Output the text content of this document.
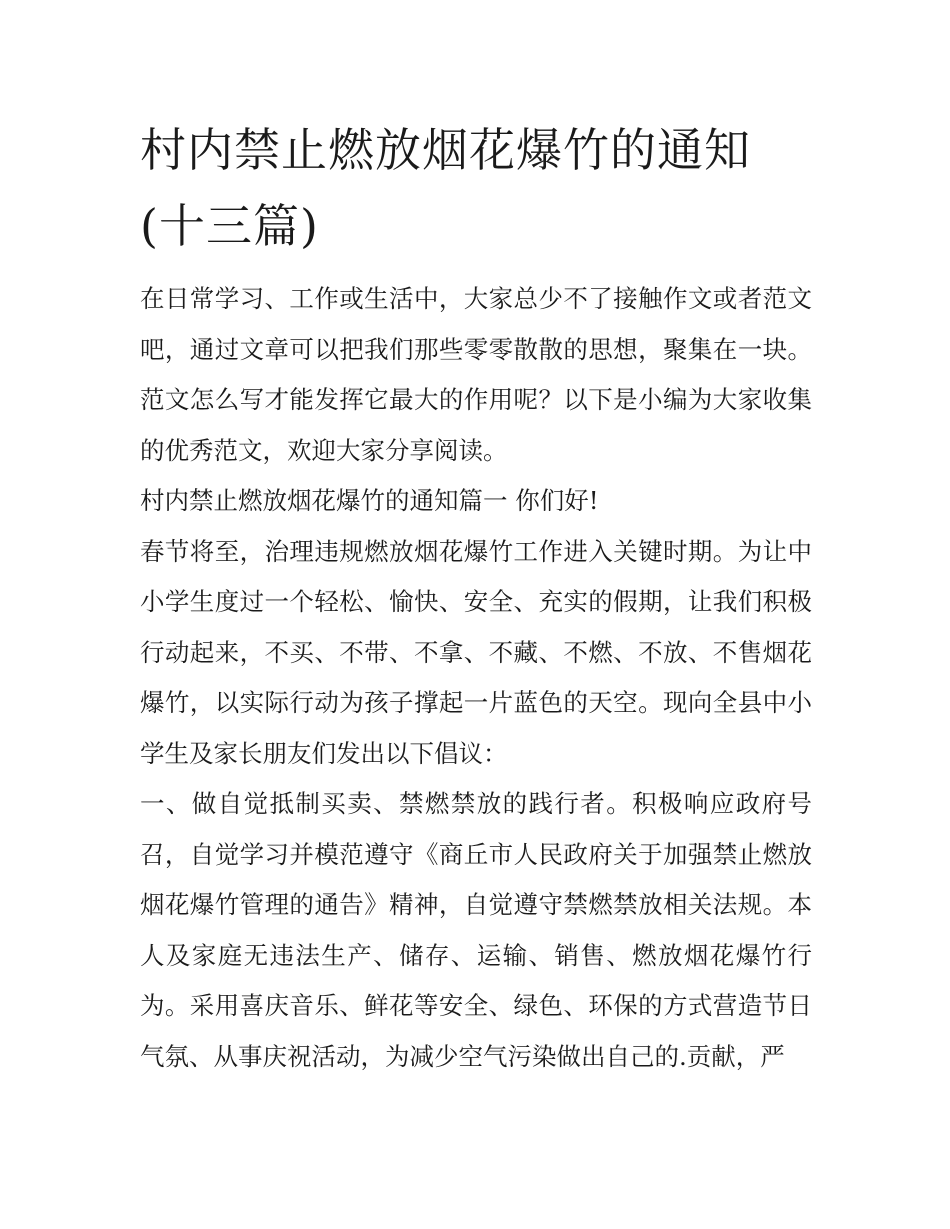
村内禁止燃放烟花爆竹的通知
(十三篇)

在日常学习、工作或生活中，大家总少不了接触作文或者范文吧，通过文章可以把我们那些零零散散的思想，聚集在一块。范文怎么写才能发挥它最大的作用呢？以下是小编为大家收集的优秀范文，欢迎大家分享阅读。

村内禁止燃放烟花爆竹的通知篇一 你们好!

春节将至，治理违规燃放烟花爆竹工作进入关键时期。为让中小学生度过一个轻松、愉快、安全、充实的假期，让我们积极行动起来，不买、不带、不拿、不藏、不燃、不放、不售烟花爆竹，以实际行动为孩子撑起一片蓝色的天空。现向全县中小学生及家长朋友们发出以下倡议：

一、做自觉抵制买卖、禁燃禁放的践行者。积极响应政府号召，自觉学习并模范遵守《商丘市人民政府关于加强禁止燃放烟花爆竹管理的通告》精神，自觉遵守禁燃禁放相关法规。本人及家庭无违法生产、储存、运输、销售、燃放烟花爆竹行为。采用喜庆音乐、鲜花等安全、绿色、环保的方式营造节日气氛、从事庆祝活动，为减少空气污染做出自己的.贡献，严
